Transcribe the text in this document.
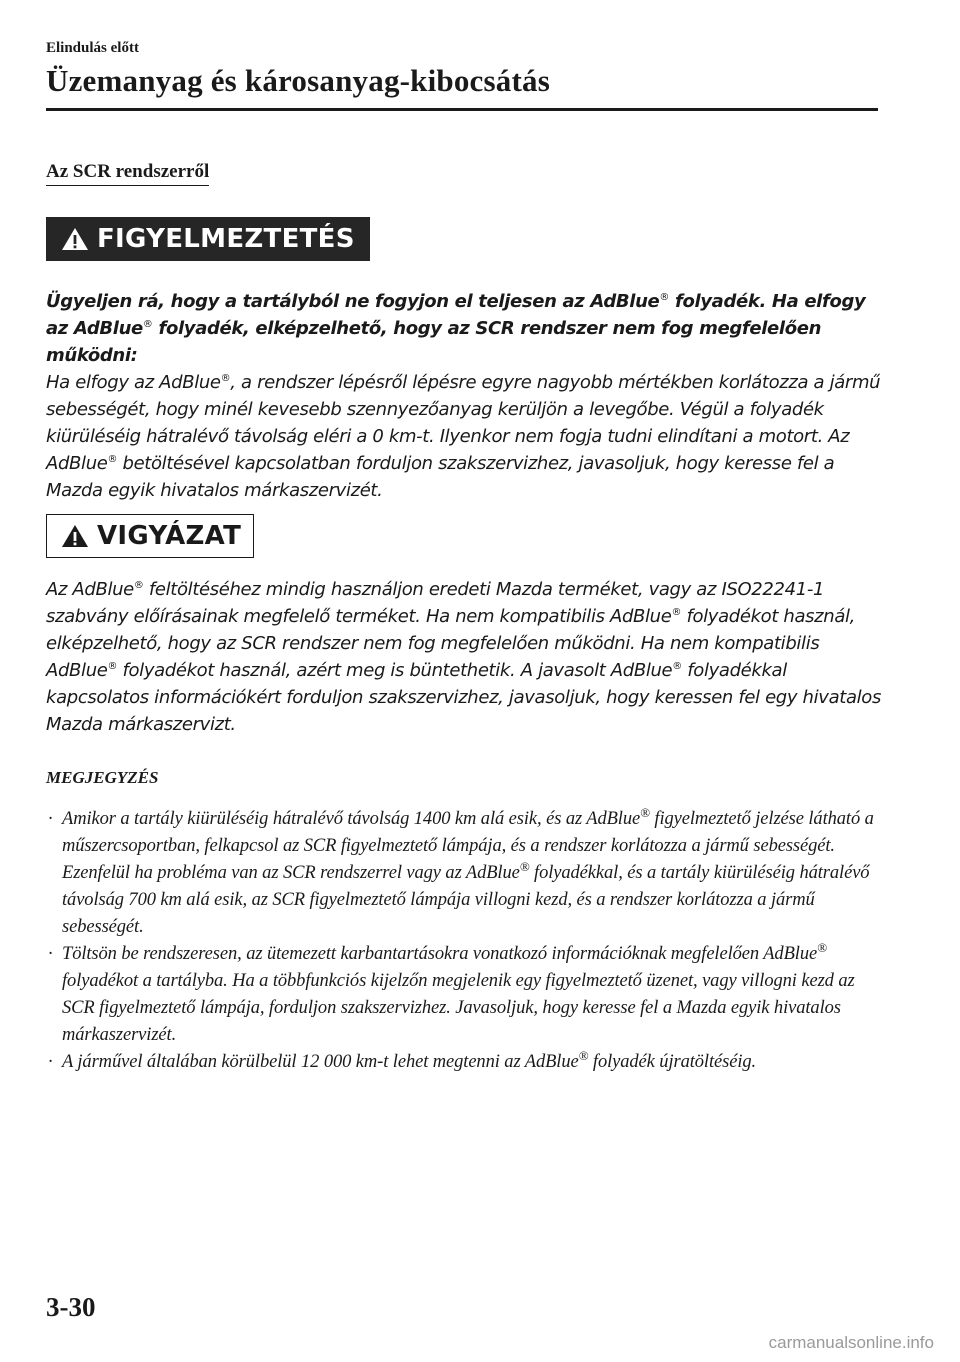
Elindulás előtt
Üzemanyag és károsanyag-kibocsátás
Az SCR rendszerről
FIGYELMEZTETÉS
Ügyeljen rá, hogy a tartályból ne fogyjon el teljesen az AdBlue® folyadék. Ha elfogy az AdBlue® folyadék, elképzelhető, hogy az SCR rendszer nem fog megfelelően működni:
Ha elfogy az AdBlue®, a rendszer lépésről lépésre egyre nagyobb mértékben korlátozza a jármű sebességét, hogy minél kevesebb szennyezőanyag kerüljön a levegőbe. Végül a folyadék kiürüléséig hátralévő távolság eléri a 0 km-t. Ilyenkor nem fogja tudni elindítani a motort. Az AdBlue® betöltésével kapcsolatban forduljon szakszervizhez, javasoljuk, hogy keresse fel a Mazda egyik hivatalos márkaszervizét.
VIGYÁZAT
Az AdBlue® feltöltéséhez mindig használjon eredeti Mazda terméket, vagy az ISO22241-1 szabvány előírásainak megfelelő terméket. Ha nem kompatibilis AdBlue® folyadékot használ, elképzelhető, hogy az SCR rendszer nem fog megfelelően működni. Ha nem kompatibilis AdBlue® folyadékot használ, azért meg is büntethetik. A javasolt AdBlue® folyadékkal kapcsolatos információkért forduljon szakszervizhez, javasoljuk, hogy keressen fel egy hivatalos Mazda márkaszervizt.
MEGJEGYZÉS
· Amikor a tartály kiürüléséig hátralévő távolság 1400 km alá esik, és az AdBlue® figyelmeztető jelzése látható a műszercsoportban, felkapcsol az SCR figyelmeztető lámpája, és a rendszer korlátozza a jármű sebességét. Ezenfelül ha probléma van az SCR rendszerrel vagy az AdBlue® folyadékkal, és a tartály kiürüléséig hátralévő távolság 700 km alá esik, az SCR figyelmeztető lámpája villogni kezd, és a rendszer korlátozza a jármű sebességét.
· Töltsön be rendszeresen, az ütemezett karbantartásokra vonatkozó információknak megfelelően AdBlue® folyadékot a tartályba. Ha a többfunkciós kijelzőn megjelenik egy figyelmeztető üzenet, vagy villogni kezd az SCR figyelmeztető lámpája, forduljon szakszervizhez. Javasoljuk, hogy keresse fel a Mazda egyik hivatalos márkaszervizét.
· A járművel általában körülbelül 12 000 km-t lehet megtenni az AdBlue® folyadék újratöltéséig.
3-30
carmanualsonline.info
